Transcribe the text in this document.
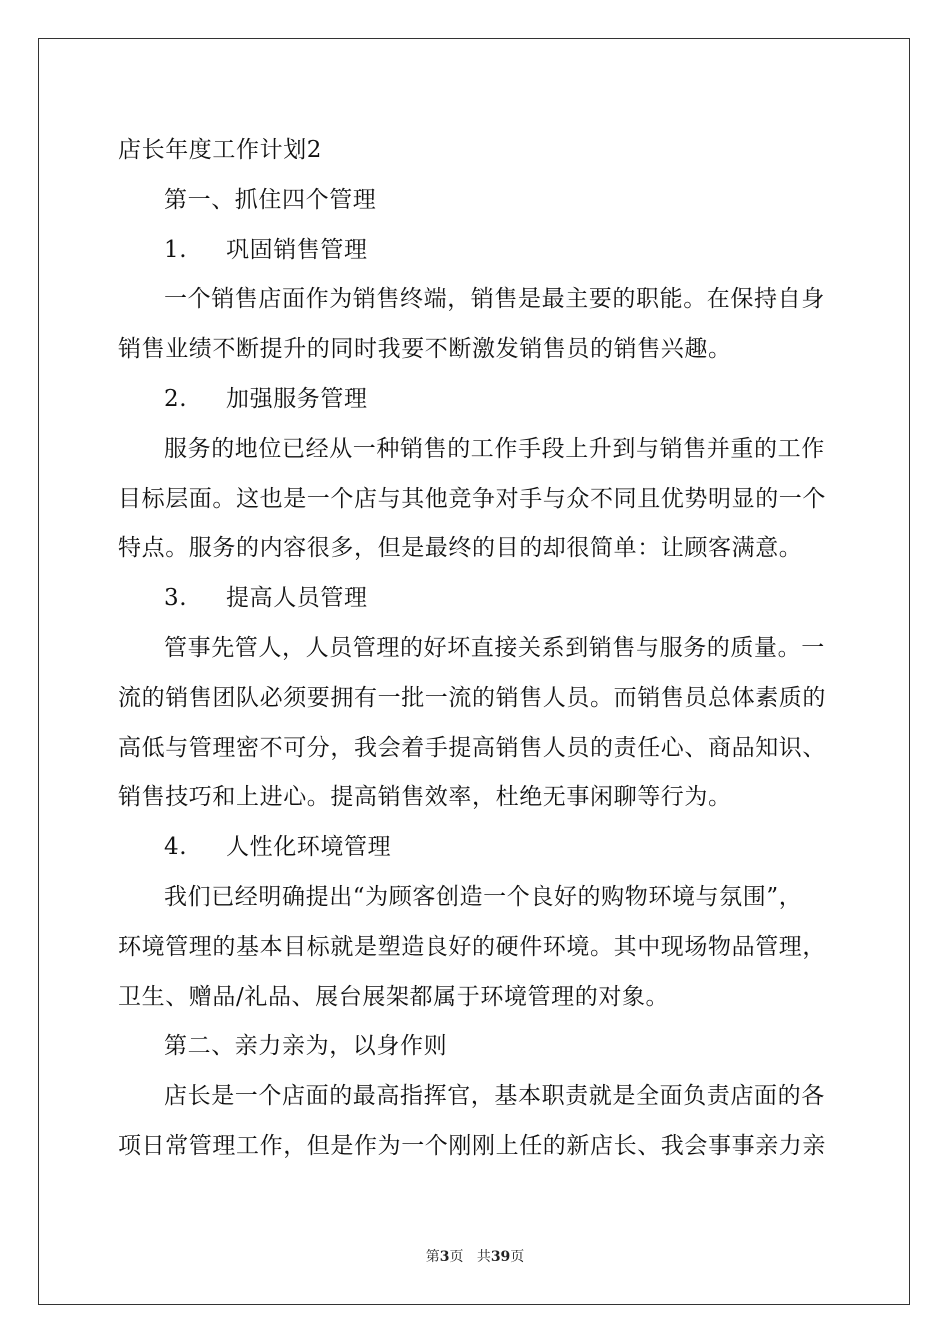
店长年度工作计划2
第一、抓住四个管理
1. 巩固销售管理
一个销售店面作为销售终端，销售是最主要的职能。在保持自身
销售业绩不断提升的同时我要不断激发销售员的销售兴趣。
2. 加强服务管理
服务的地位已经从一种销售的工作手段上升到与销售并重的工作
目标层面。这也是一个店与其他竞争对手与众不同且优势明显的一个
特点。服务的内容很多，但是最终的目的却很简单：让顾客满意。
3. 提高人员管理
管事先管人，人员管理的好坏直接关系到销售与服务的质量。一
流的销售团队必须要拥有一批一流的销售人员。而销售员总体素质的
高低与管理密不可分，我会着手提高销售人员的责任心、商品知识、
销售技巧和上进心。提高销售效率，杜绝无事闲聊等行为。
4. 人性化环境管理
我们已经明确提出“为顾客创造一个良好的购物环境与氛围”，
环境管理的基本目标就是塑造良好的硬件环境。其中现场物品管理，
卫生、赠品/礼品、展台展架都属于环境管理的对象。
第二、亲力亲为，以身作则
店长是一个店面的最高指挥官，基本职责就是全面负责店面的各
项日常管理工作，但是作为一个刚刚上任的新店长、我会事事亲力亲
第3页 共39页
